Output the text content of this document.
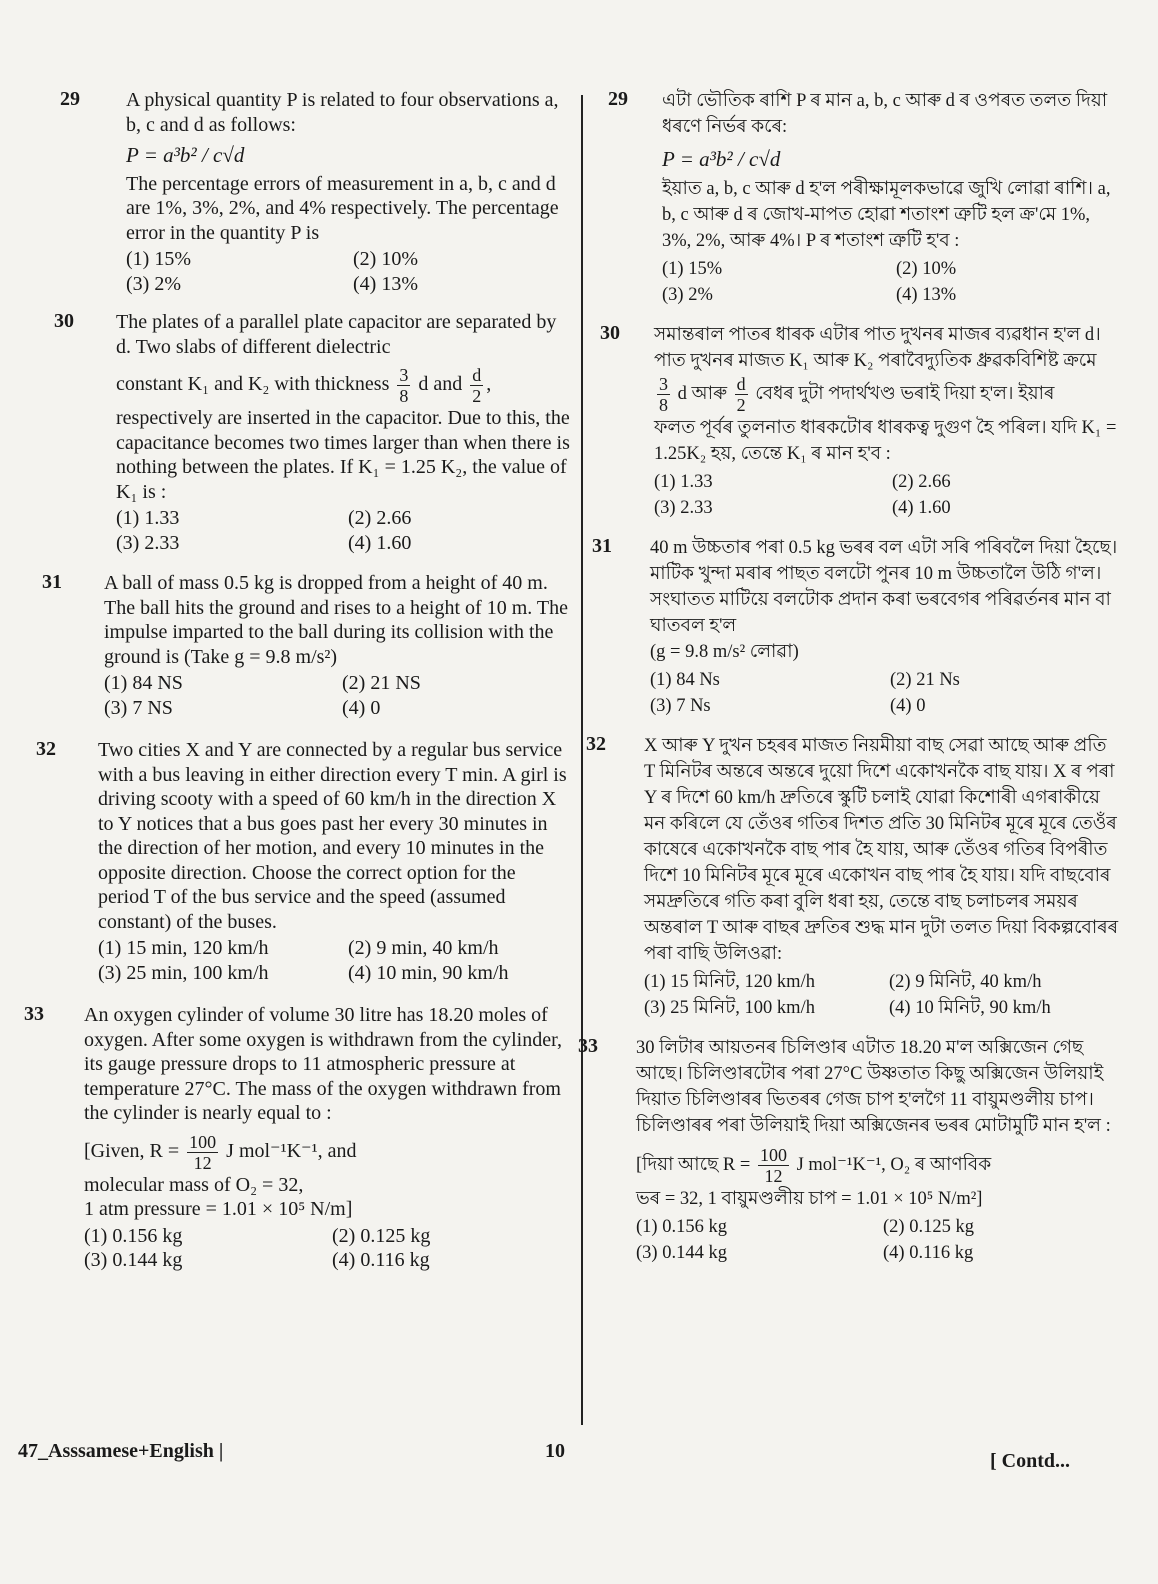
29 A physical quantity P is related to four observations a, b, c and d as follows:
P = a³b² / c√d
The percentage errors of measurement in a, b, c and d are 1%, 3%, 2%, and 4% respectively. The percentage error in the quantity P is
(1) 15%	(2) 10%
(3) 2%	(4) 13%
30 The plates of a parallel plate capacitor are separated by d. Two slabs of different dielectric
constant K₁ and K₂ with thickness $\frac{3}{8}$ d and $\frac{d}{2}$ ,
respectively are inserted in the capacitor. Due to this, the capacitance becomes two times larger than when there is nothing between the plates. If K₁ = 1.25 K₂, the value of K₁ is :
(1) 1.33	(2) 2.66
(3) 2.33	(4) 1.60
31 A ball of mass 0.5 kg is dropped from a height of 40 m. The ball hits the ground and rises to a height of 10 m. The impulse imparted to the ball during its collision with the ground is (Take g = 9.8 m/s²)
(1) 84 NS	(2) 21 NS
(3) 7 NS	(4) 0
32 Two cities X and Y are connected by a regular bus service with a bus leaving in either direction every T min. A girl is driving scooty with a speed of 60 km/h in the direction X to Y notices that a bus goes past her every 30 minutes in the direction of her motion, and every 10 minutes in the opposite direction. Choose the correct option for the period T of the bus service and the speed (assumed constant) of the buses.
(1) 15 min, 120 km/h	(2) 9 min, 40 km/h
(3) 25 min, 100 km/h	(4) 10 min, 90 km/h
33 An oxygen cylinder of volume 30 litre has 18.20 moles of oxygen. After some oxygen is withdrawn from the cylinder, its gauge pressure drops to 11 atmospheric pressure at temperature 27°C. The mass of the oxygen withdrawn from the cylinder is nearly equal to :
[Given, $R = \frac{100}{12}$ J mol⁻¹K⁻¹, and
molecular mass of O₂ = 32,
1 atm pressure = 1.01 × 10⁵ N/m]
(1) 0.156 kg	(2) 0.125 kg
(3) 0.144 kg	(4) 0.116 kg
29 এটা ভৌতিক ৰাশি P ৰ মান a, b, c আৰু d ৰ ওপৰত তলত দিয়া ধৰণে নিৰ্ভৰ কৰে:
P = a³b² / c√d
ইয়াত a, b, c আৰু d হ'ল পৰীক্ষামূলকভাৱে জুখি লোৱা ৰাশি। a, b, c আৰু d ৰ জোখ-মাপত হোৱা শতাংশ ত্ৰুটি হল ক্ৰ'মে 1%, 3%, 2%, আৰু 4%। P ৰ শতাংশ ত্ৰুটি হ'ব :
(1) 15%	(2) 10%
(3) 2%	(4) 13%
30 সমান্তৰাল পাতৰ ধাৰক এটাৰ পাত দুখনৰ মাজৰ ব্যৱধান হ'ল d। পাত দুখনৰ মাজত K₁ আৰু K₂ পৰাবৈদ্যুতিক ধ্ৰুৱকবিশিষ্ট ক্ৰমে
$\frac{3}{8}$ d আৰু $\frac{d}{2}$ বেধৰ দুটা পদাৰ্থখণ্ড ভৰাই দিয়া হ'ল। ইয়াৰ
ফলত পূৰ্বৰ তুলনাত ধাৰকটোৰ ধাৰকত্ব দুগুণ হৈ পৰিল। যদি K₁ = 1.25K₂ হয়, তেন্তে K₁ ৰ মান হ'ব :
(1) 1.33	(2) 2.66
(3) 2.33	(4) 1.60
31 40 m উচ্চতাৰ পৰা 0.5 kg ভৰৰ বল এটা সৰি পৰিবলৈ দিয়া হৈছে। মাটিক খুন্দা মৰাৰ পাছত বলটো পুনৰ 10 m উচ্চতালৈ উঠি গ'ল। সংঘাতত মাটিয়ে বলটোক প্ৰদান কৰা ভৰবেগৰ পৰিৱৰ্তনৰ মান বা ঘাতবল হ'ল
(g = 9.8 m/s² লোৱা)
(1) 84 Ns	(2) 21 Ns
(3) 7 Ns	(4) 0
32 X আৰু Y দুখন চহৰৰ মাজত নিয়মীয়া বাছ সেৱা আছে আৰু প্ৰতি T মিনিটৰ অন্তৰে অন্তৰে দুয়ো দিশে একোখনকৈ বাছ যায়। X ৰ পৰা Y ৰ দিশে 60 km/h দ্ৰুতিৰে স্কুটি চলাই যোৱা কিশোৰী এগৰাকীয়ে মন কৰিলে যে তেঁওৰ গতিৰ দিশত প্ৰতি 30 মিনিটৰ মূৰে মূৰে তেওঁৰ কাষেৰে একোখনকৈ বাছ পাৰ হৈ যায়, আৰু তেঁওৰ গতিৰ বিপৰীত দিশে 10 মিনিটৰ মূৰে মূৰে একোখন বাছ পাৰ হৈ যায়। যদি বাছবোৰ সমদ্ৰুতিৰে গতি কৰা বুলি ধৰা হয়, তেন্তে বাছ চলাচলৰ সময়ৰ অন্তৰাল T আৰু বাছৰ দ্ৰুতিৰ শুদ্ধ মান দুটা তলত দিয়া বিকল্পবোৰৰ পৰা বাছি উলিওৱা:
(1) 15 মিনিট, 120 km/h	(2) 9 মিনিট, 40 km/h
(3) 25 মিনিট, 100 km/h	(4) 10 মিনিট, 90 km/h
33 30 লিটাৰ আয়তনৰ চিলিণ্ডাৰ এটাত 18.20 ম'ল অক্সিজেন গেছ আছে। চিলিণ্ডাৰটোৰ পৰা 27°C উষ্ণতাত কিছু অক্সিজেন উলিয়াই দিয়াত চিলিণ্ডাৰৰ ভিতৰৰ গেজ চাপ হ'লগৈ 11 বায়ুমণ্ডলীয় চাপ। চিলিণ্ডাৰৰ পৰা উলিয়াই দিয়া অক্সিজেনৰ ভৰৰ মোটামুটি মান হ'ল :
[দিয়া আছে $R = \frac{100}{12}$ J mol⁻¹K⁻¹, O₂ ৰ আণবিক
ভৰ = 32, 1 বায়ুমণ্ডলীয় চাপ = 1.01 × 10⁵ N/m²]
(1) 0.156 kg	(2) 0.125 kg
(3) 0.144 kg	(4) 0.116 kg
47_Asssamese+English |	10	[ Contd...
